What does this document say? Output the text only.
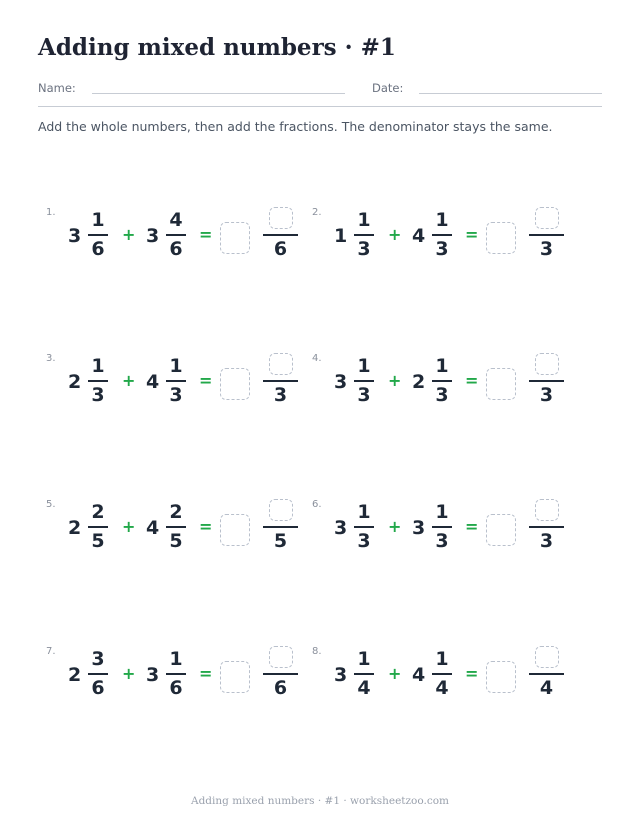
Adding mixed numbers · #1
Name:	Date:

Add the whole numbers, then add the fractions. The denominator stays the same.

1.
3
1
6
+ 3
4
6
=
6
2.
1
1
3
+ 4
1
3
=
3
3.
2
1
3
+ 4
1
3
=
3
4.
3
1
3
+ 2
1
3
=
3
5.
2
2
5
+ 4
2
5
=
5
6.
3
1
3
+ 3
1
3
=
3
7.
2
3
6
+ 3
1
6
=
6
8.
3
1
4
+ 4
1
4
=
4
Adding mixed numbers · #1 · worksheetzoo.com
